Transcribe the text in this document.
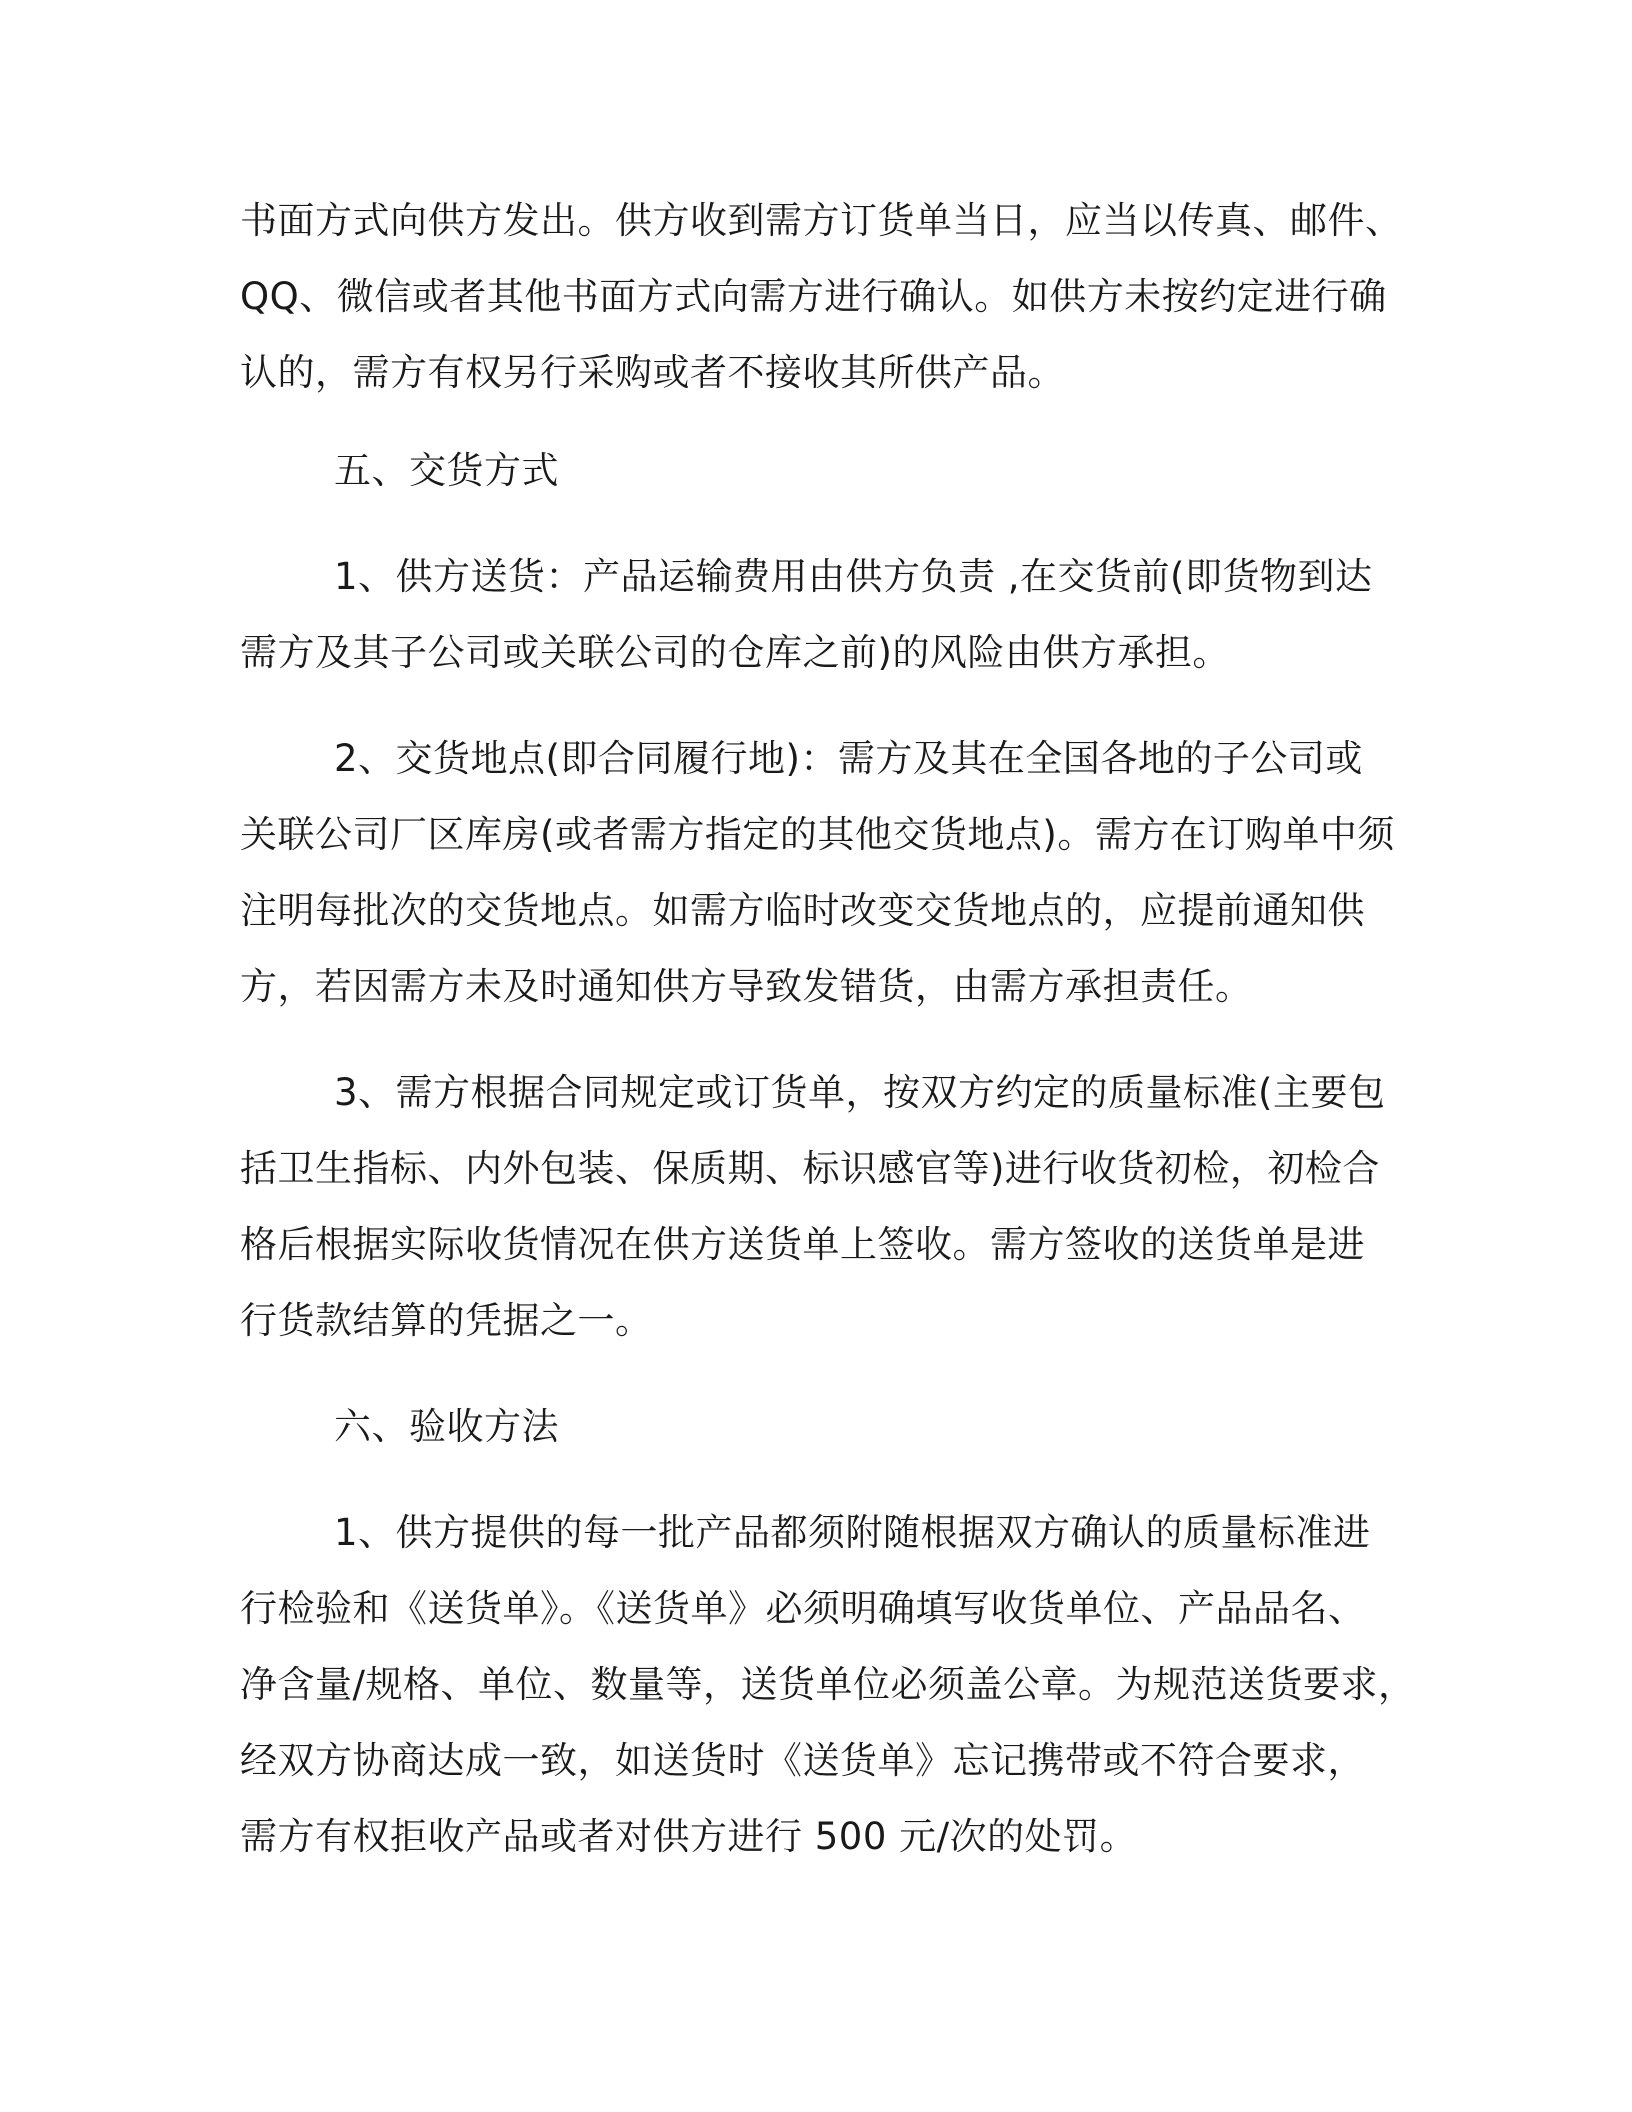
书面方式向供方发出。供方收到需方订货单当日，应当以传真、邮件、
QQ、微信或者其他书面方式向需方进行确认。如供方未按约定进行确
认的，需方有权另行采购或者不接收其所供产品。
五、交货方式
1、供方送货：产品运输费用由供方负责 ,在交货前(即货物到达
需方及其子公司或关联公司的仓库之前)的风险由供方承担。
2、交货地点(即合同履行地)：需方及其在全国各地的子公司或
关联公司厂区库房(或者需方指定的其他交货地点)。需方在订购单中须
注明每批次的交货地点。如需方临时改变交货地点的，应提前通知供
方，若因需方未及时通知供方导致发错货，由需方承担责任。
3、需方根据合同规定或订货单，按双方约定的质量标准(主要包
括卫生指标、内外包装、保质期、标识感官等)进行收货初检，初检合
格后根据实际收货情况在供方送货单上签收。需方签收的送货单是进
行货款结算的凭据之一。
六、验收方法
1、供方提供的每一批产品都须附随根据双方确认的质量标准进
行检验和《送货单》。《送货单》必须明确填写收货单位、产品品名、
净含量/规格、单位、数量等，送货单位必须盖公章。为规范送货要求，
经双方协商达成一致，如送货时《送货单》忘记携带或不符合要求，
需方有权拒收产品或者对供方进行 500 元/次的处罚。
